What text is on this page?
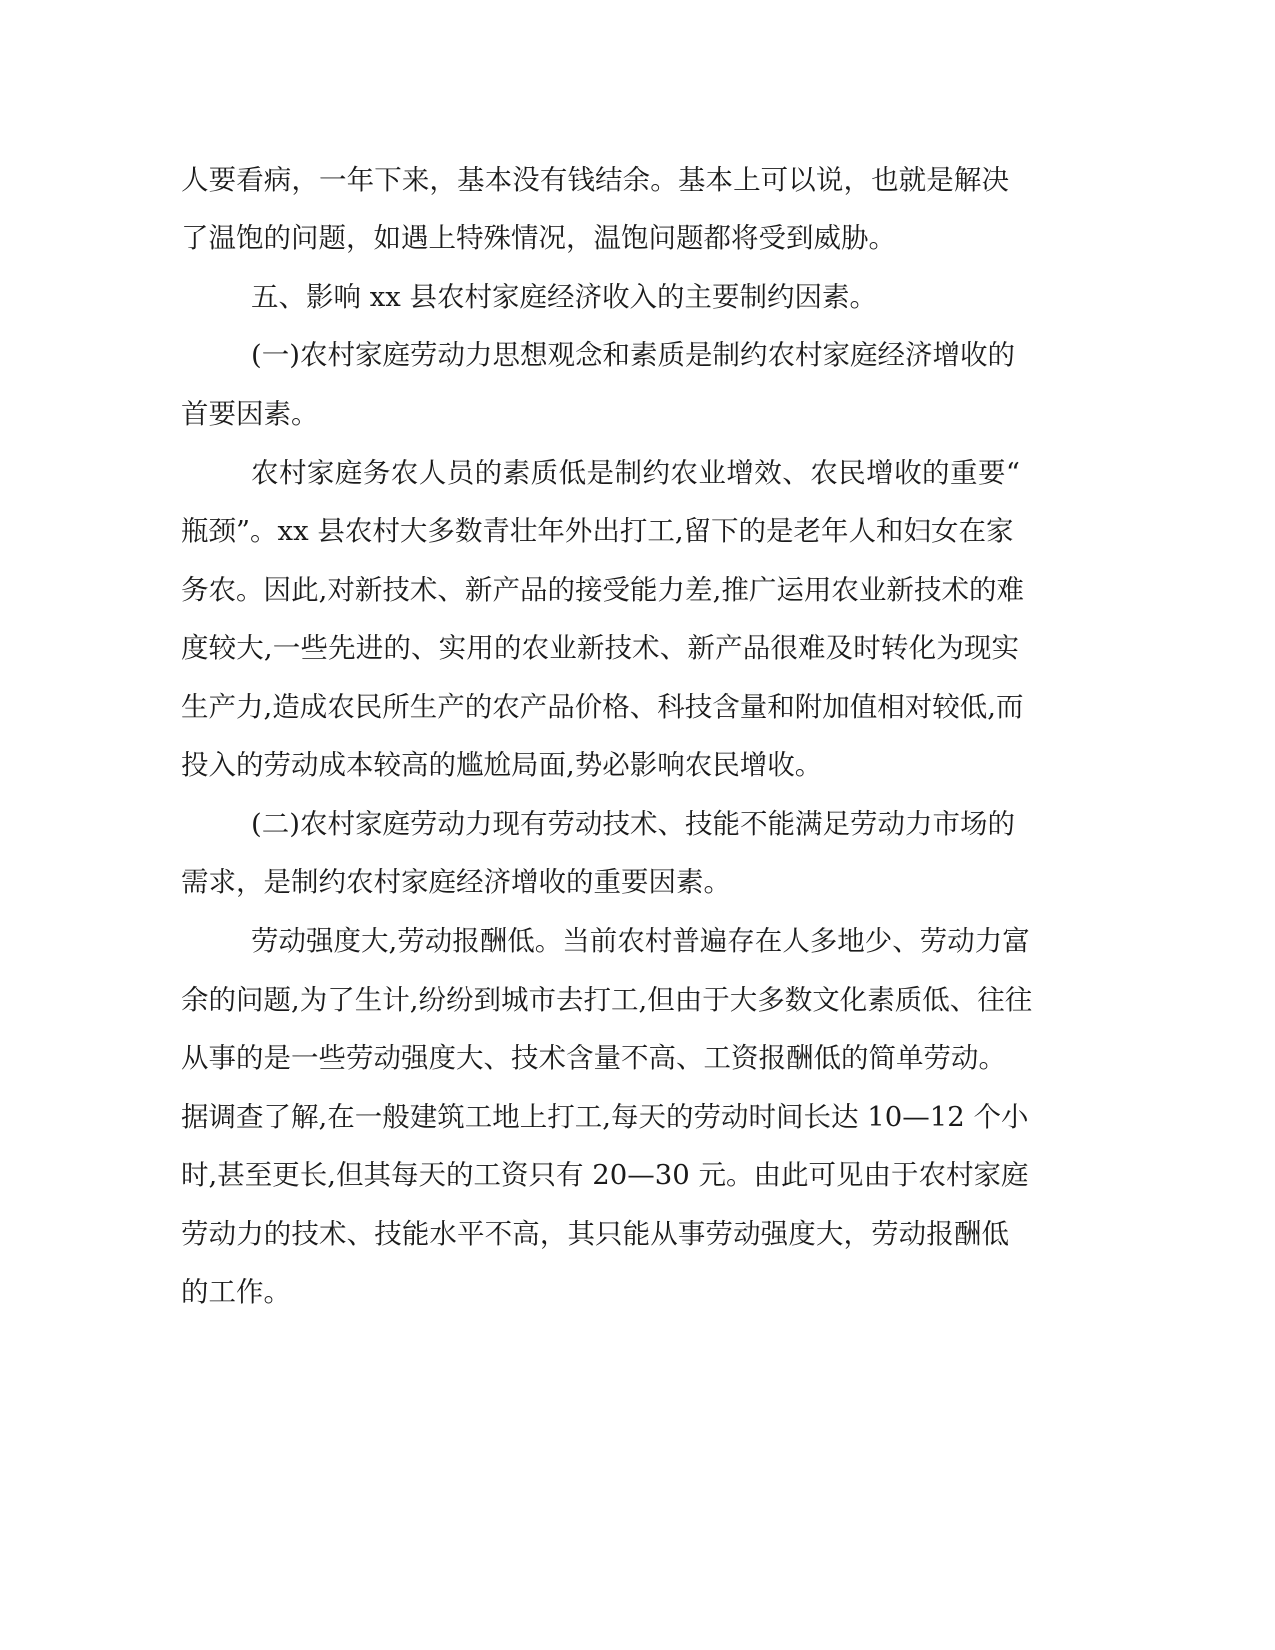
人要看病，一年下来，基本没有钱结余。基本上可以说，也就是解决

了温饱的问题，如遇上特殊情况，温饱问题都将受到威胁。

五、影响 xx 县农村家庭经济收入的主要制约因素。

(一)农村家庭劳动力思想观念和素质是制约农村家庭经济增收的

首要因素。

农村家庭务农人员的素质低是制约农业增效、农民增收的重要“

瓶颈”。xx 县农村大多数青壮年外出打工,留下的是老年人和妇女在家

务农。因此,对新技术、新产品的接受能力差,推广运用农业新技术的难

度较大,一些先进的、实用的农业新技术、新产品很难及时转化为现实

生产力,造成农民所生产的农产品价格、科技含量和附加值相对较低,而

投入的劳动成本较高的尴尬局面,势必影响农民增收。

(二)农村家庭劳动力现有劳动技术、技能不能满足劳动力市场的

需求，是制约农村家庭经济增收的重要因素。

劳动强度大,劳动报酬低。当前农村普遍存在人多地少、劳动力富

余的问题,为了生计,纷纷到城市去打工,但由于大多数文化素质低、往往

从事的是一些劳动强度大、技术含量不高、工资报酬低的简单劳动。

据调查了解,在一般建筑工地上打工,每天的劳动时间长达 10—12 个小

时,甚至更长,但其每天的工资只有 20—30 元。由此可见由于农村家庭

劳动力的技术、技能水平不高，其只能从事劳动强度大，劳动报酬低

的工作。
